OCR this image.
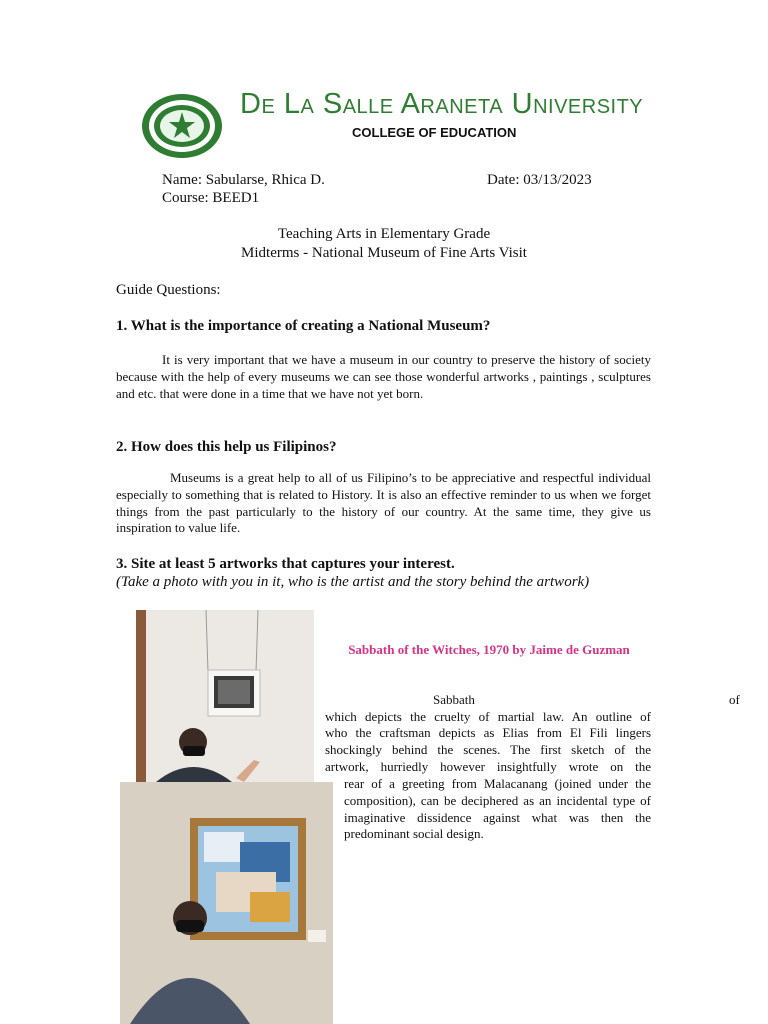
De La Salle Araneta University
COLLEGE OF EDUCATION
Name: Sabularse, Rhica D.	Date: 03/13/2023
Course: BEED1
Teaching Arts in Elementary Grade
Midterms - National Museum of Fine Arts Visit
Guide Questions:
1. What is the importance of creating a National Museum?
It is very important that we have a museum in our country to preserve the history of society because with the help of every museums we can see those wonderful artworks , paintings , sculptures and etc. that were done in a time that we have not yet born.
2. How does this help us Filipinos?
Museums is a great help to all of us Filipino’s to be appreciative and respectful individual especially to something that is related to History. It is also an effective reminder to us when we forget things from the past particularly to the history of our country. At the same time, they give us inspiration to value life.
3. Site at least 5 artworks that captures your interest.
(Take a photo with you in it, who is the artist and the story behind the artwork)
Sabbath of the Witches, 1970 by Jaime de Guzman
Sabbath	of
which depicts the cruelty of martial law. An outline of
who the craftsman depicts as Elias from El Fili lingers
shockingly behind the scenes. The first sketch of the
artwork, hurriedly however insightfully wrote on the
rear of a greeting from Malacanang (joined under the composition), can be deciphered as an incidental type of imaginative dissidence against what was then the predominant social design.
